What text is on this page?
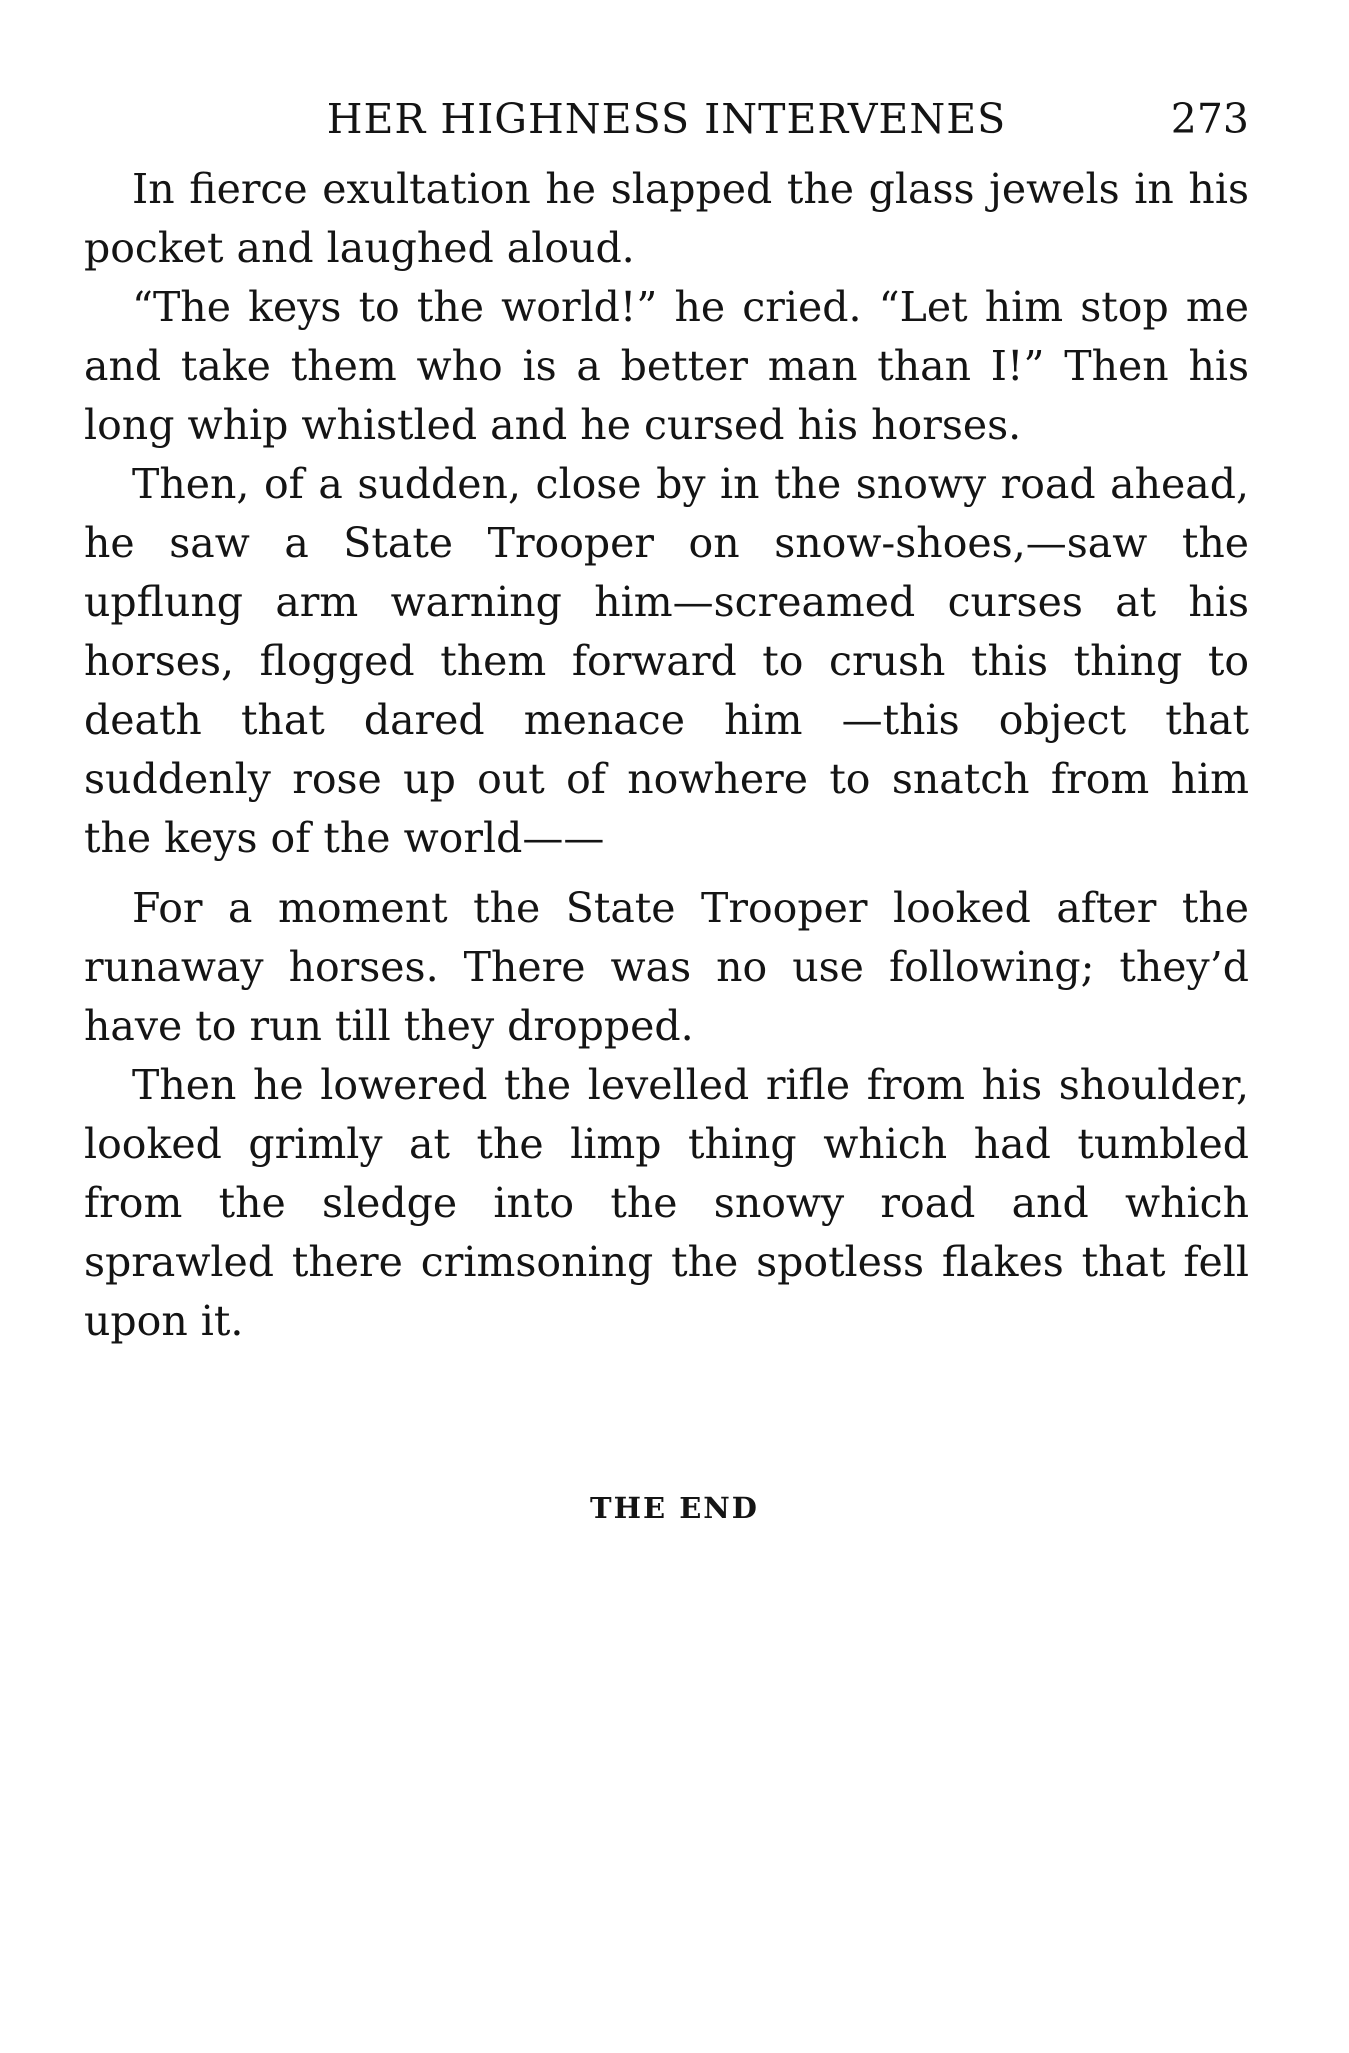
HER HIGHNESS INTERVENES	273

In fierce exultation he slapped the glass jewels in his pocket and laughed aloud.

“The keys to the world!” he cried. “Let him stop me and take them who is a better man than I!” Then his long whip whistled and he cursed his horses.

Then, of a sudden, close by in the snowy road ahead, he saw a State Trooper on snow-shoes,—saw the upflung arm warning him—screamed curses at his horses, flogged them forward to crush this thing to death that dared menace him —this object that suddenly rose up out of nowhere to snatch from him the keys of the world——

For a moment the State Trooper looked after the runaway horses. There was no use following; they’d have to run till they dropped.

Then he lowered the levelled rifle from his shoulder, looked grimly at the limp thing which had tumbled from the sledge into the snowy road and which sprawled there crimsoning the spotless flakes that fell upon it.

THE END
